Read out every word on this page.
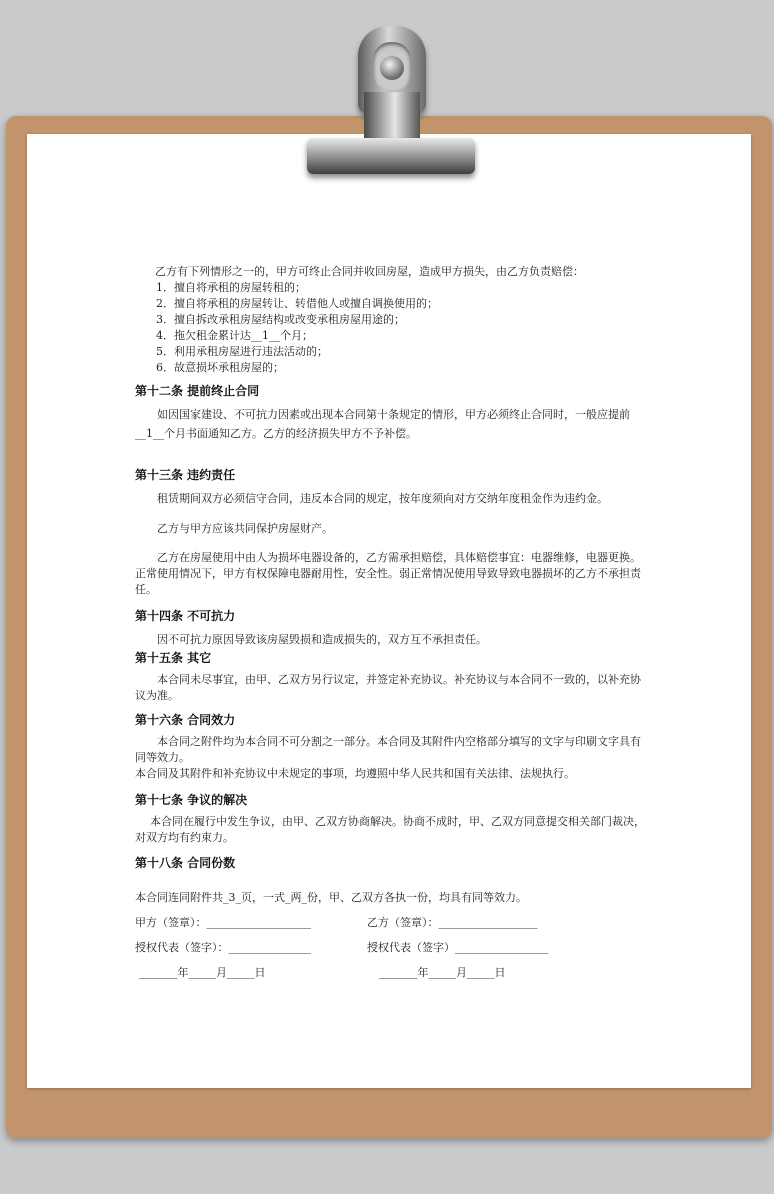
乙方有下列情形之一的，甲方可终止合同并收回房屋，造成甲方损失，由乙方负责赔偿：

1．擅自将承租的房屋转租的；

2．擅自将承租的房屋转让、转借他人或擅自调换使用的；

3．擅自拆改承租房屋结构或改变承租房屋用途的；

4．拖欠租金累计达__1__个月；

5．利用承租房屋进行违法活动的；

6．故意损坏承租房屋的；

第十二条 提前终止合同

如因国家建设、不可抗力因素或出现本合同第十条规定的情形，甲方必须终止合同时，一般应提前__1__个月书面通知乙方。乙方的经济损失甲方不予补偿。

第十三条 违约责任

租赁期间双方必须信守合同，违反本合同的规定，按年度须向对方交纳年度租金作为违约金。

乙方与甲方应该共同保护房屋财产。

乙方在房屋使用中由人为损坏电器设备的，乙方需承担赔偿，具体赔偿事宜：电器维修，电器更换。正常使用情况下，甲方有权保障电器耐用性，安全性。弱正常情况使用导致导致电器损坏的乙方不承担责任。

第十四条 不可抗力

因不可抗力原因导致该房屋毁损和造成损失的，双方互不承担责任。

第十五条 其它

本合同未尽事宜，由甲、乙双方另行议定，并签定补充协议。补充协议与本合同不一致的，以补充协议为准。

第十六条 合同效力

本合同之附件均为本合同不可分割之一部分。本合同及其附件内空格部分填写的文字与印刷文字具有同等效力。

本合同及其附件和补充协议中未规定的事项，均遵照中华人民共和国有关法律、法规执行。

第十七条 争议的解决

本合同在履行中发生争议，由甲、乙双方协商解决。协商不成时，甲、乙双方同意提交相关部门裁决，对双方均有约束力。

第十八条 合同份数

本合同连同附件共_3_页，一式_两_份，甲、乙双方各执一份，均具有同等效力。

甲方（签章）：___________________	乙方（签章）：__________________
授权代表（签字）：_______________	授权代表（签字）_________________
_______年_____月_____日	_______年_____月_____日
